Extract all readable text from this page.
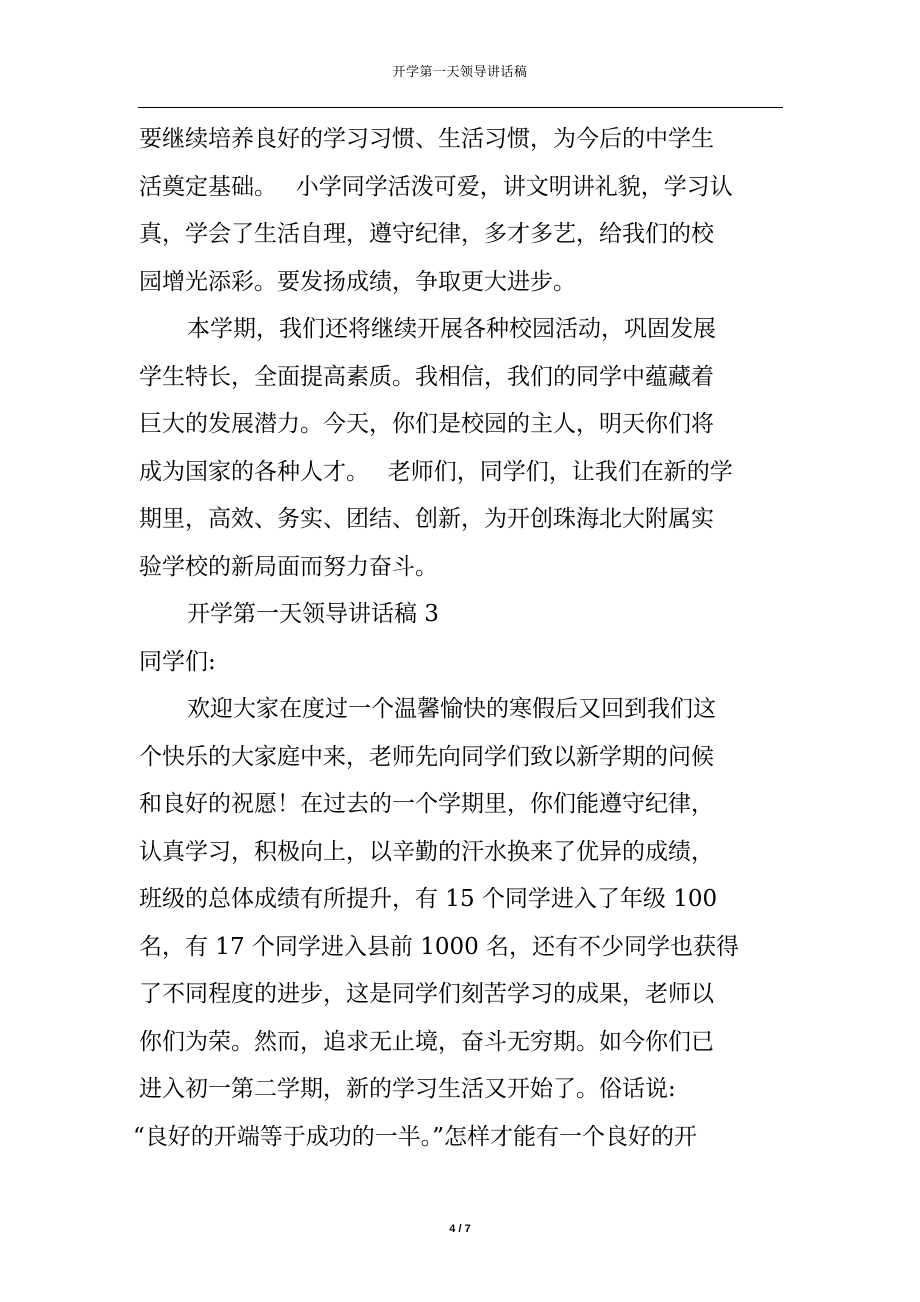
开学第一天领导讲话稿
要继续培养良好的学习习惯、生活习惯，为今后的中学生
活奠定基础。　 小学同学活泼可爱，讲文明讲礼貌，学习认
真，学会了生活自理，遵守纪律，多才多艺，给我们的校
园增光添彩。要发扬成绩，争取更大进步。
本学期，我们还将继续开展各种校园活动，巩固发展
学生特长，全面提高素质。我相信，我们的同学中蕴藏着
巨大的发展潜力。今天，你们是校园的主人，明天你们将
成为国家的各种人才。　 老师们，同学们，让我们在新的学
期里，高效、务实、团结、创新，为开创珠海北大附属实
验学校的新局面而努力奋斗。
开学第一天领导讲话稿 3
同学们:
欢迎大家在度过一个温馨愉快的寒假后又回到我们这
个快乐的大家庭中来，老师先向同学们致以新学期的问候
和良好的祝愿！在过去的一个学期里，你们能遵守纪律，
认真学习，积极向上，以辛勤的汗水换来了优异的成绩，
班级的总体成绩有所提升，有 15 个同学进入了年级 100
名，有 17 个同学进入县前 1000 名，还有不少同学也获得
了不同程度的进步，这是同学们刻苦学习的成果，老师以
你们为荣。然而，追求无止境，奋斗无穷期。如今你们已
进入初一第二学期，新的学习生活又开始了。俗话说:
“良好的开端等于成功的一半。”怎样才能有一个良好的开
4 / 7
